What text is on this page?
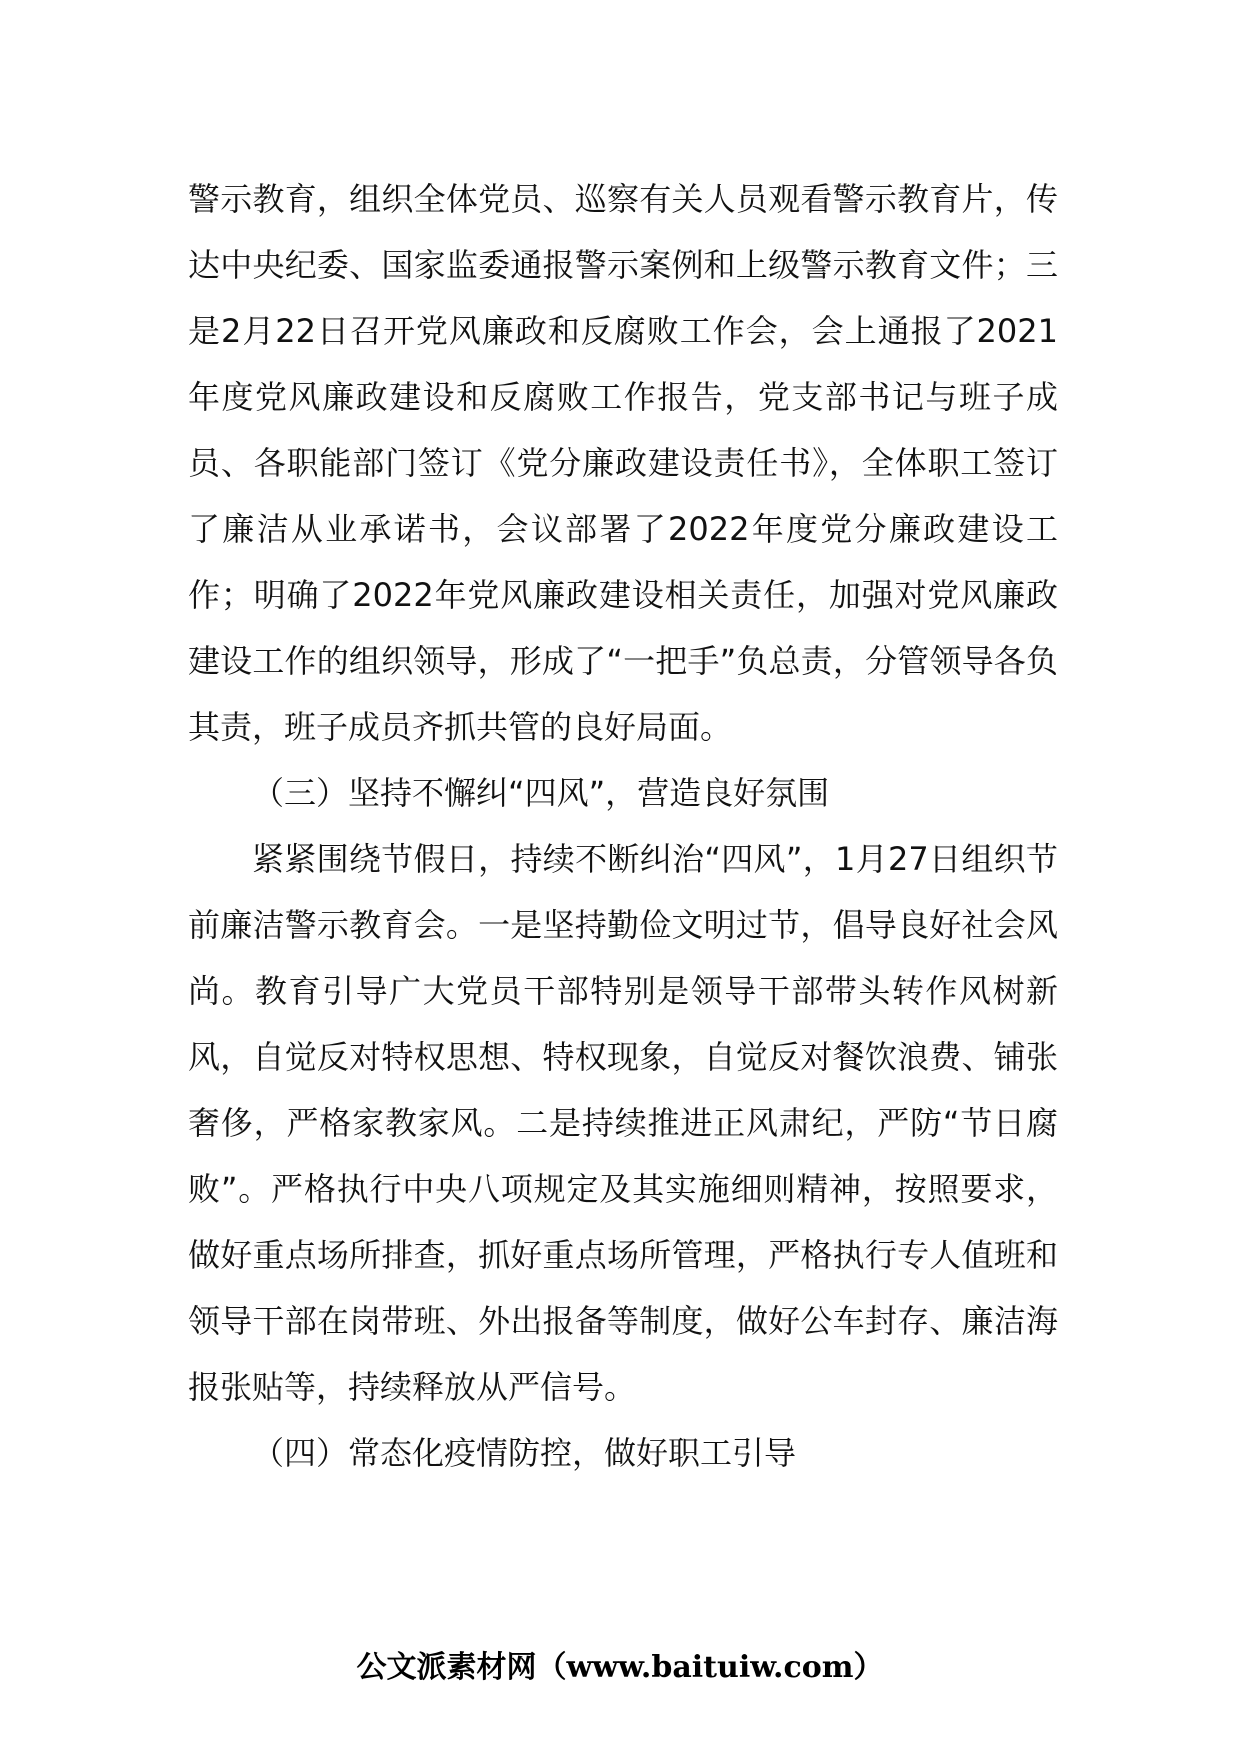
警示教育，组织全体党员、巡察有关人员观看警示教育片，传达中央纪委、国家监委通报警示案例和上级警示教育文件；三是2月22日召开党风廉政和反腐败工作会，会上通报了2021年度党风廉政建设和反腐败工作报告，党支部书记与班子成员、各职能部门签订《党分廉政建设责任书》，全体职工签订了廉洁从业承诺书，会议部署了2022年度党分廉政建设工作；明确了2022年党风廉政建设相关责任，加强对党风廉政建设工作的组织领导，形成了“一把手”负总责，分管领导各负其责，班子成员齐抓共管的良好局面。

（三）坚持不懈纠“四风”，营造良好氛围

紧紧围绕节假日，持续不断纠治“四风”，1月27日组织节前廉洁警示教育会。一是坚持勤俭文明过节，倡导良好社会风尚。教育引导广大党员干部特别是领导干部带头转作风树新风，自觉反对特权思想、特权现象，自觉反对餐饮浪费、铺张奢侈，严格家教家风。二是持续推进正风肃纪，严防“节日腐败”。严格执行中央八项规定及其实施细则精神，按照要求，做好重点场所排查，抓好重点场所管理，严格执行专人值班和领导干部在岗带班、外出报备等制度，做好公车封存、廉洁海报张贴等，持续释放从严信号。

（四）常态化疫情防控，做好职工引导

公文派素材网（www.baituiw.com）
